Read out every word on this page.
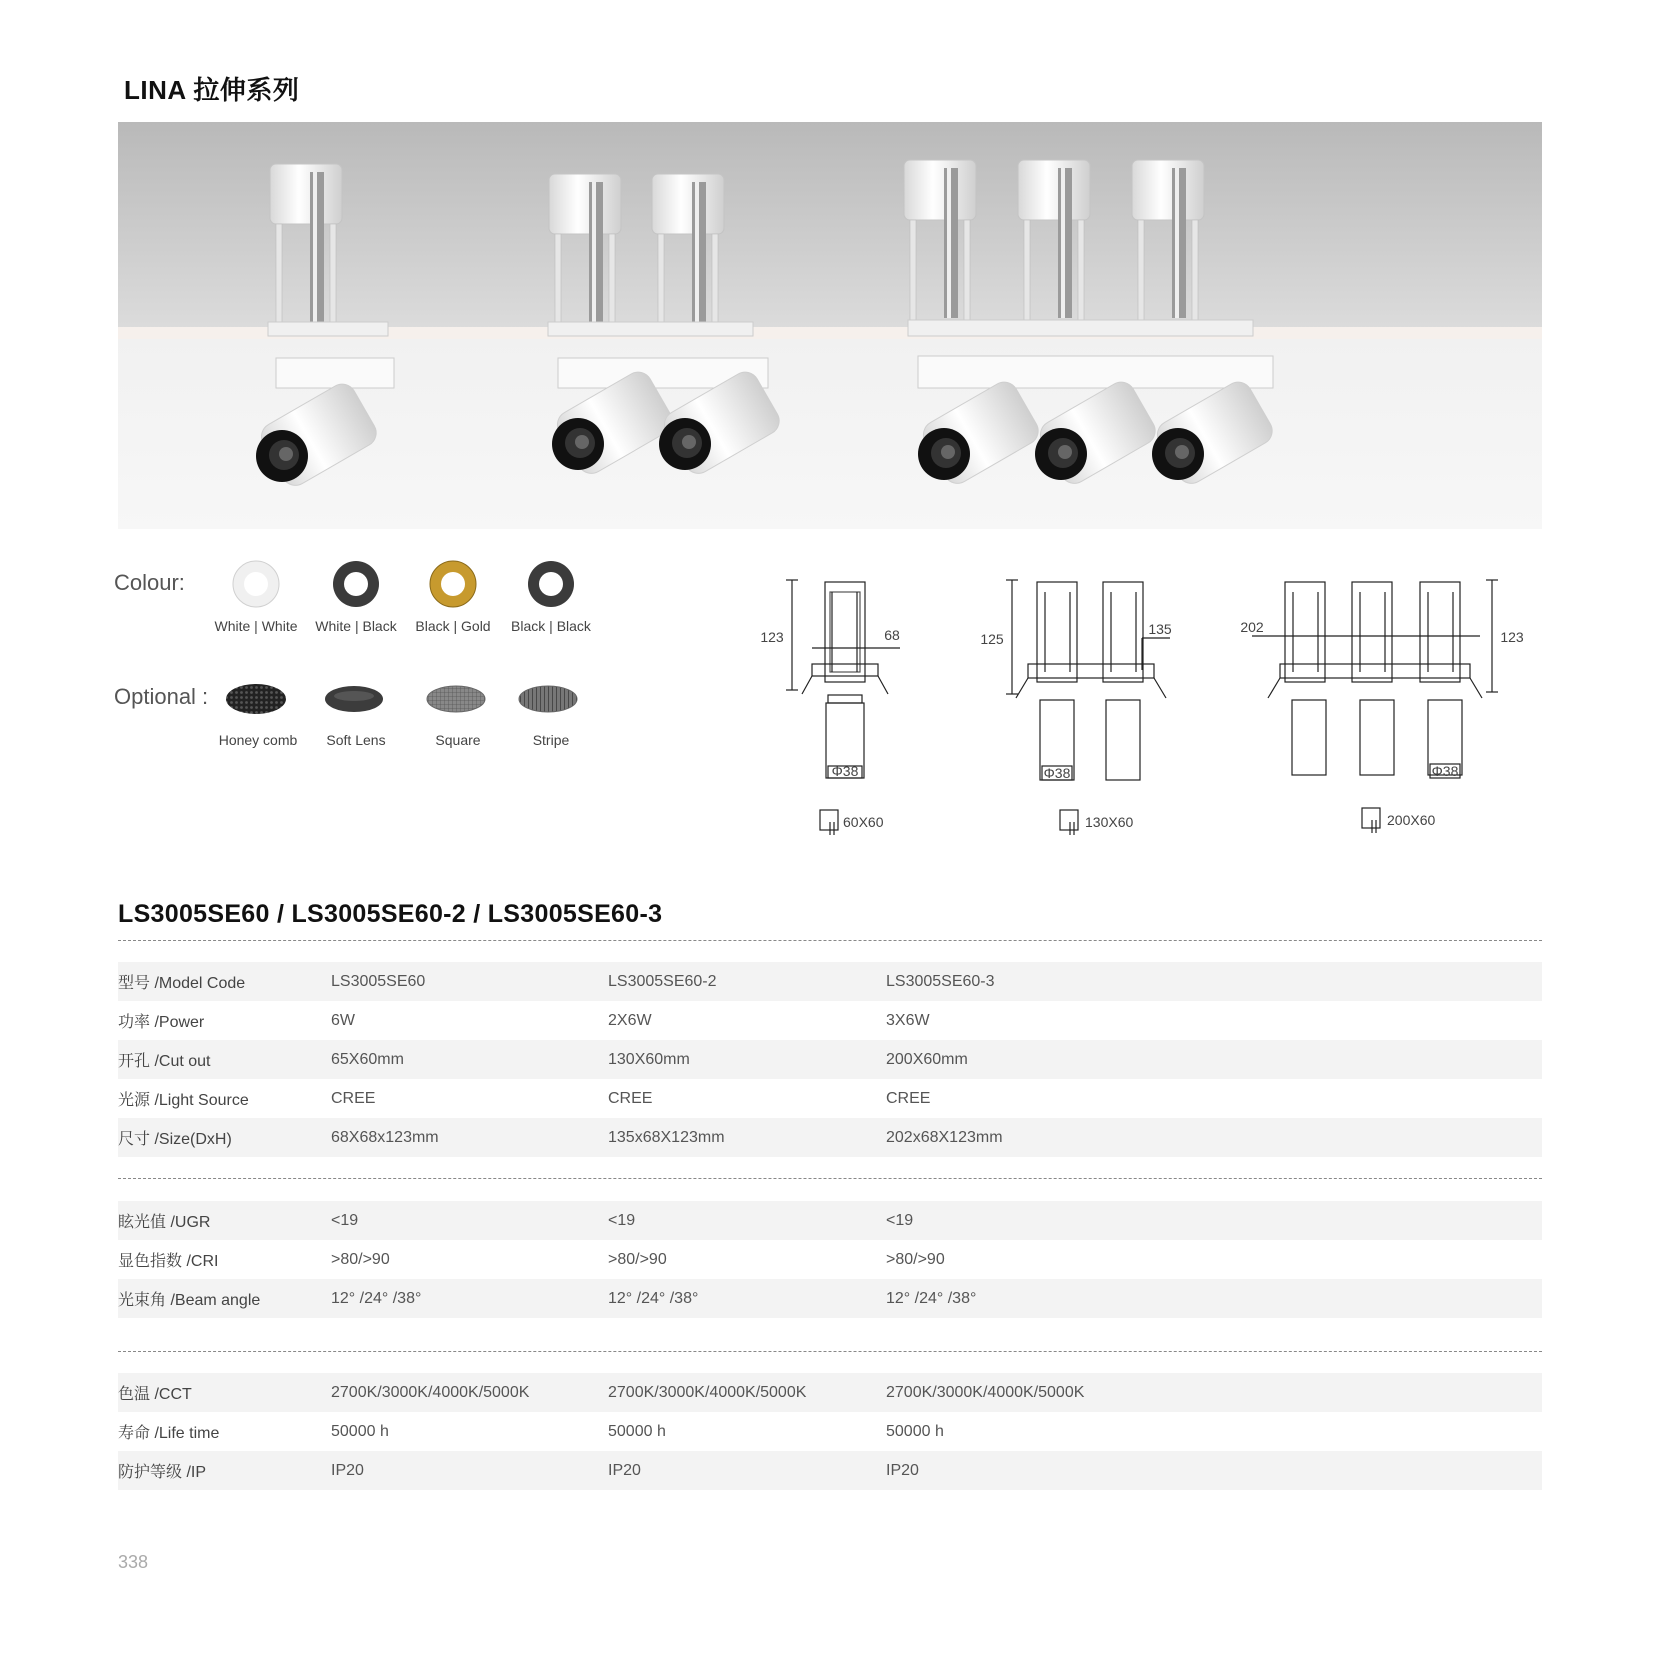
LINA 拉伸系列
Colour:
White | White	White | Black	Black | Gold	Black | Black
Optional :
Honey comb	Soft Lens	Square	Stripe
123	68
Φ38
60X60
125
135
Φ38
130X60
123
202
Φ38
200X60
LS3005SE60 / LS3005SE60-2 / LS3005SE60-3
型号 /Model Code	LS3005SE60	LS3005SE60-2	LS3005SE60-3
功率 /Power	6W	2X6W	3X6W
开孔 /Cut out	65X60mm	130X60mm	200X60mm
光源 /Light Source	CREE	CREE	CREE
尺寸 /Size(DxH)	68X68x123mm	135x68X123mm	202x68X123mm
眩光值 /UGR	<19	<19	<19
显色指数 /CRI	>80/>90	>80/>90	>80/>90
光束角 /Beam angle	12° /24° /38°	12° /24° /38°	12° /24° /38°
色温 /CCT	2700K/3000K/4000K/5000K	2700K/3000K/4000K/5000K	2700K/3000K/4000K/5000K
寿命 /Life time	50000 h	50000 h	50000 h
防护等级 /IP	IP20	IP20	IP20
338
